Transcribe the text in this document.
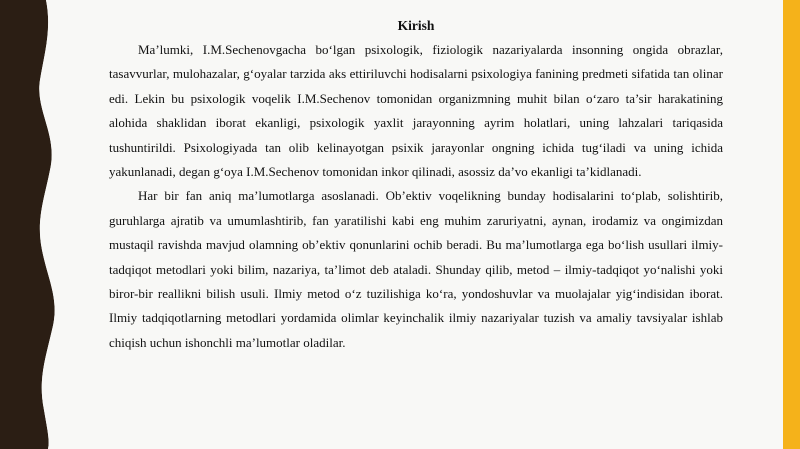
Kirish

Ma’lumki, I.M.Sechenovgacha bo‘lgan psixologik, fiziologik nazariyalarda insonning ongida obrazlar, tasavvurlar, mulohazalar, g‘oyalar tarzida aks ettiriluvchi hodisalarni psixologiya fanining predmeti sifatida tan olinar edi. Lekin bu psixologik voqelik I.M.Sechenov tomonidan organizmning muhit bilan o‘zaro ta’sir harakatining alohida shaklidan iborat ekanligi, psixologik yaxlit jarayonning ayrim holatlari, uning lahzalari tariqasida tushuntirildi. Psixologiyada tan olib kelinayotgan psixik jarayonlar ongning ichida tug‘iladi va uning ichida yakunlanadi, degan g‘oya I.M.Sechenov tomonidan inkor qilinadi, asossiz da’vo ekanligi ta’kidlanadi.

Har bir fan aniq ma’lumotlarga asoslanadi. Ob’ektiv voqelikning bunday hodisalarini to‘plab, solishtirib, guruhlarga ajratib va umumlashtirib, fan yaratilishi kabi eng muhim zaruriyatni, aynan, irodamiz va ongimizdan mustaqil ravishda mavjud olamning ob’ektiv qonunlarini ochib beradi. Bu ma’lumotlarga ega bo‘lish usullari ilmiy-tadqiqot metodlari yoki bilim, nazariya, ta’limot deb ataladi. Shunday qilib, metod – ilmiy-tadqiqot yo‘nalishi yoki biror-bir reallikni bilish usuli. Ilmiy metod o‘z tuzilishiga ko‘ra, yondoshuvlar va muolajalar yig‘indisidan iborat. Ilmiy tadqiqotlarning metodlari yordamida olimlar keyinchalik ilmiy nazariyalar tuzish va amaliy tavsiyalar ishlab chiqish uchun ishonchli ma’lumotlar oladilar.
